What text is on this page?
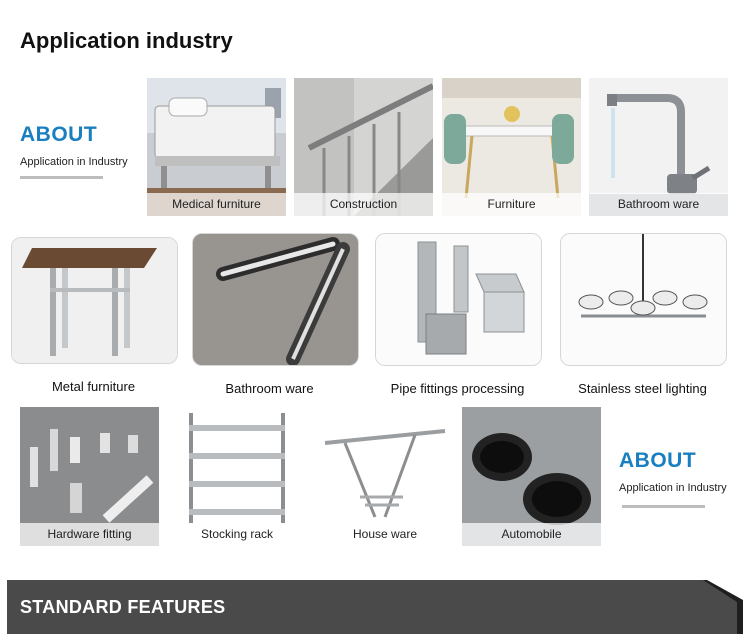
Application industry
ABOUT
Application in Industry
Medical furniture	Construction	Furniture	Bathroom ware
Metal furniture	Bathroom ware	Pipe fittings processing	Stainless steel lighting
Hardware fitting	Stocking rack	House ware	Automobile
ABOUT
Application in Industry
STANDARD FEATURES
